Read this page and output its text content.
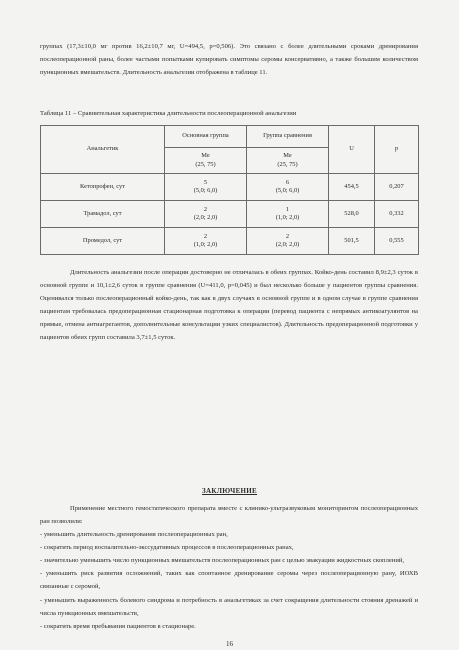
группах (17,3±10,0 мг против 16,2±10,7 мг, U=494,5, р=0,506). Это связано с более длительными сроками дренирования послеоперационной раны, более частыми попытками купировать симптомы серомы консервативно, а также большим количеством пункционных вмешательств. Длительность анальгезии отображена в таблице 11.

Таблица 11 – Сравнительная характеристика длительности послеоперационной анальгезии

Анальгетик	Основная группа	Группа сравнения	U	p

	Me
(25, 75)	Me
(25, 75)		

Кетопрофен, сут	5
(5,0; 6,0)	6
(5,0; 6,0)	454,5	0,207
Трамадол, сут	2
(2,0; 2,0)	1
(1,0; 2,0)	528,0	0,332
Промедол, сут	2
(1,0; 2,0)	2
(2,0; 2,0)	501,5	0,555

Длительность анальгезии после операции достоверно не отличалась в обеих группах. Койко-день составил 8,9±2,3 суток в основной группе и 10,1±2,6 суток в группе сравнения (U=411,0, р=0,045) и был несколько больше у пациентов группы сравнения. Оценивался только послеоперационный койко-день, так как в двух случаях в основной группе и в одном случае в группе сравнения пациентам требовалась предоперационная стационарная подготовка к операции (перевод пациента с непрямых антикоагулянтов на прямые, отмена антиагрегантов, дополнительные консультации узких специалистов). Длительность предоперационной подготовки у пациентов обеих групп составила 3,7±1,5 суток.

ЗАКЛЮЧЕНИЕ

Применение местного гемостатического препарата вместе с клинико-ультразвуковым мониторингом послеоперационных ран позволили:

- уменьшить длительность дренирования послеоперационных ран,

- сократить период воспалительно-экссудативных процессов в послеоперационных ранах,

- значительно уменьшить число пункционных вмешательств послеоперационных ран с целью эвакуации жидкостных скоплений,

- уменьшить риск развития осложнений, таких как спонтанное дренирование серомы через послеоперационную рану, ИОХВ связанные с серомой,

- уменьшить выраженность болевого синдрома и потребность в анальгетиках за счет сокращения длительности стояния дренажей и числа пункционных вмешательств,

- сократить время пребывания пациентов в стационаре.

16
